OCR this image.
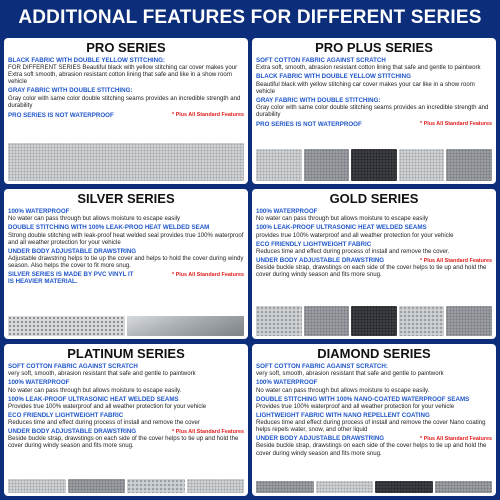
ADDITIONAL FEATURES FOR DIFFERENT SERIES
PRO SERIES
BLACK FABRIC WITH DOUBLE YELLOW STITCHING:
FOR DIFFERENT SERIES Beautiful black with yellow stitching car cover makes your Extra soft smooth, abrasion resistant cotton lining that safe and like in a show room vehicle
GRAY FABRIC WITH DOUBLE STITCHING:
Gray color with same color double stitching seams provides an incredible strength and durability
PRO SERIES IS NOT WATERPROOF	* Plus All Standard Features
PRO PLUS SERIES
SOFT COTTON FABRIC AGAINST SCRATCH
Extra soft, smooth, abrasion resistant cotton lining that safe and gentle to paintwork
BLACK FABRIC WITH DOUBLE YELLOW STITCHING
Beautiful black with yellow stitching car cover makes your car like in a show room vehicle
GRAY FABRIC WITH DOUBLE STITCHING:
Gray color with same color double stitching seams provides an incredible strength and durability
PRO SERIES IS NOT WATERPROOF	* Plus All Standard Features
SILVER SERIES
100% WATERPROOF
No water can pass through but allows moisture to escape easily
DOUBLE STITCHING WITH 100% LEAK-PROO HEAT WELDED SEAM
Strong double stitching with leak-proof heat welded seal provides true 100% waterproof and all weather protection for your vehicle
UNDER BODY ADJUSTABLE DRAWSTRING
Adjustable drawstring helps to tie up the cover and helps to hold the cover during windy season. Also helps the cover to fit more snug.
SILVER SERIES IS MADE BY PVC VINYL IT IS HEAVIER MATERIAL.
* Plus All Standard Features
GOLD SERIES
100% WATERPROOF
No water can pass through but allows moisture to escape easily
100% LEAK-PROOF ULTRASONIC HEAT WELDED SEAMS
provides true 100% waterproof and all weather protection for your vehicle
ECO FRIENDLY LIGHTWEIGHT FABRIC
Reduces time and effect during process of install and remove the cover.
UNDER BODY ADJUSTABLE DRAWSTRING	* Plus All Standard Features
Beside buckle strap, drawstings on each side of the cover helps to tie up and hold the cover during windy season and fits more snug.
PLATINUM SERIES
SOFT COTTON FABRIC AGAINST SCRATCH
very soft, smooth, abrasion resistant that safe and gentle to paintwork
100% WATERPROOF
No water can pass through but allows moisture to escape easily.
100% LEAK-PROOF ULTRASONIC HEAT WELDED SEAMS
Provides true 100% waterproof and all weather protection for your vehicle
ECO FRIENDLY LIGHTWEIGHT FABRIC
Reduces time and effect during process of install and remove the cover
UNDER BODY ADJUSTABLE DRAWSTRING	* Plus All Standard Features
Beside buckle strap, drawstings on each side of the cover helps to tie up and hold the cover during windy season and fits more snug.
DIAMOND SERIES
SOFT COTTON FABRIC AGAINST SCRATCH:
very soft, smooth, abrasion resistant that safe and gentle to paintwork
100% WATERPROOF
No water can pass through but allows moisture to escape easily.
DOUBLE STITCHING WITH 100% NANO-COATED WATERPROOF SEAMS
Provides true 100% waterproof and all weather protection for your vehicle
LIGHTWEIGHT FABRIC WITH NANO REPELLENT COATING
Reduces time and effect during process of install and remove the cover Nano coating helps repels water, snow, and other liquid
UNDER BODY ADJUSTABLE DRAWSTRING	* Plus All Standard Features
Beside buckle strap, drawstings on each side of the cover helps to tie up and hold the cover during windy season and fits more snug.
